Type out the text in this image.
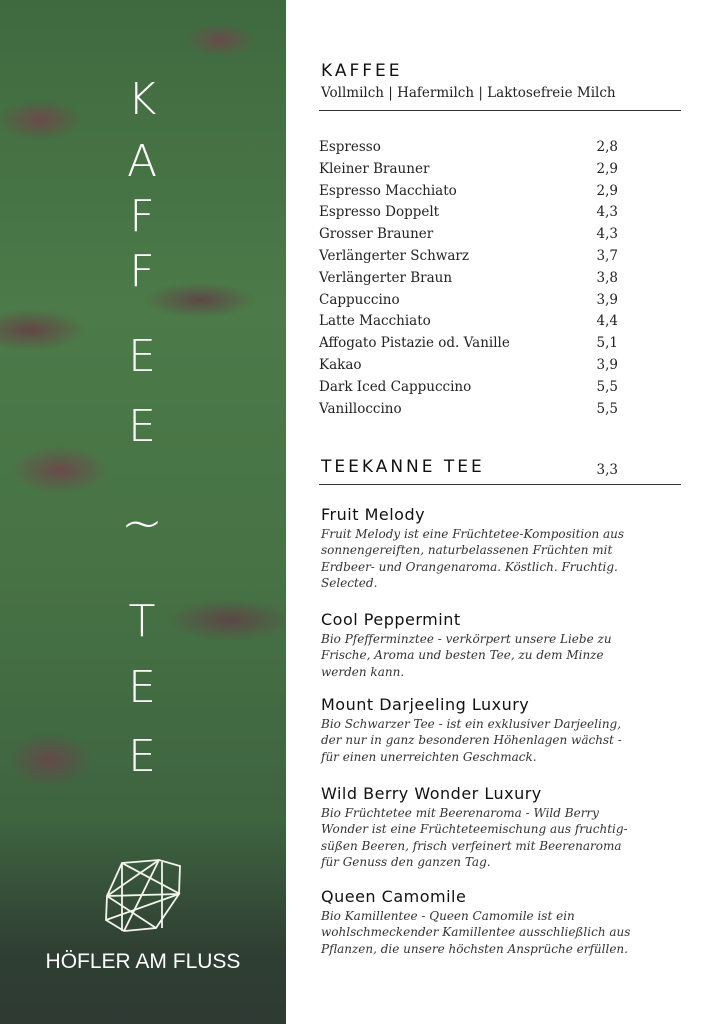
K
A
F
F
E
E
~
T
E
E
HÖFLER AM FLUSS
KAFFEE
Vollmilch | Hafermilch | Laktosefreie Milch
Espresso	2,8
Kleiner Brauner	2,9
Espresso Macchiato	2,9
Espresso Doppelt	4,3
Grosser Brauner	4,3
Verlängerter Schwarz	3,7
Verlängerter Braun	3,8
Cappuccino	3,9
Latte Macchiato	4,4
Affogato Pistazie od. Vanille	5,1
Kakao	3,9
Dark Iced Cappuccino	5,5
Vanilloccino	5,5
TEEKANNE TEE	3,3
Fruit Melody
Fruit Melody ist eine Früchtetee-Komposition aus
sonnengereiften, naturbelassenen Früchten mit
Erdbeer- und Orangenaroma. Köstlich. Fruchtig.
Selected.
Cool Peppermint
Bio Pfefferminztee - verkörpert unsere Liebe zu
Frische, Aroma und besten Tee, zu dem Minze
werden kann.
Mount Darjeeling Luxury
Bio Schwarzer Tee - ist ein exklusiver Darjeeling,
der nur in ganz besonderen Höhenlagen wächst -
für einen unerreichten Geschmack.
Wild Berry Wonder Luxury
Bio Früchtetee mit Beerenaroma - Wild Berry
Wonder ist eine Früchteteemischung aus fruchtig-
süßen Beeren, frisch verfeinert mit Beerenaroma
für Genuss den ganzen Tag.
Queen Camomile
Bio Kamillentee - Queen Camomile ist ein
wohlschmeckender Kamillentee ausschließlich aus
Pflanzen, die unsere höchsten Ansprüche erfüllen.
